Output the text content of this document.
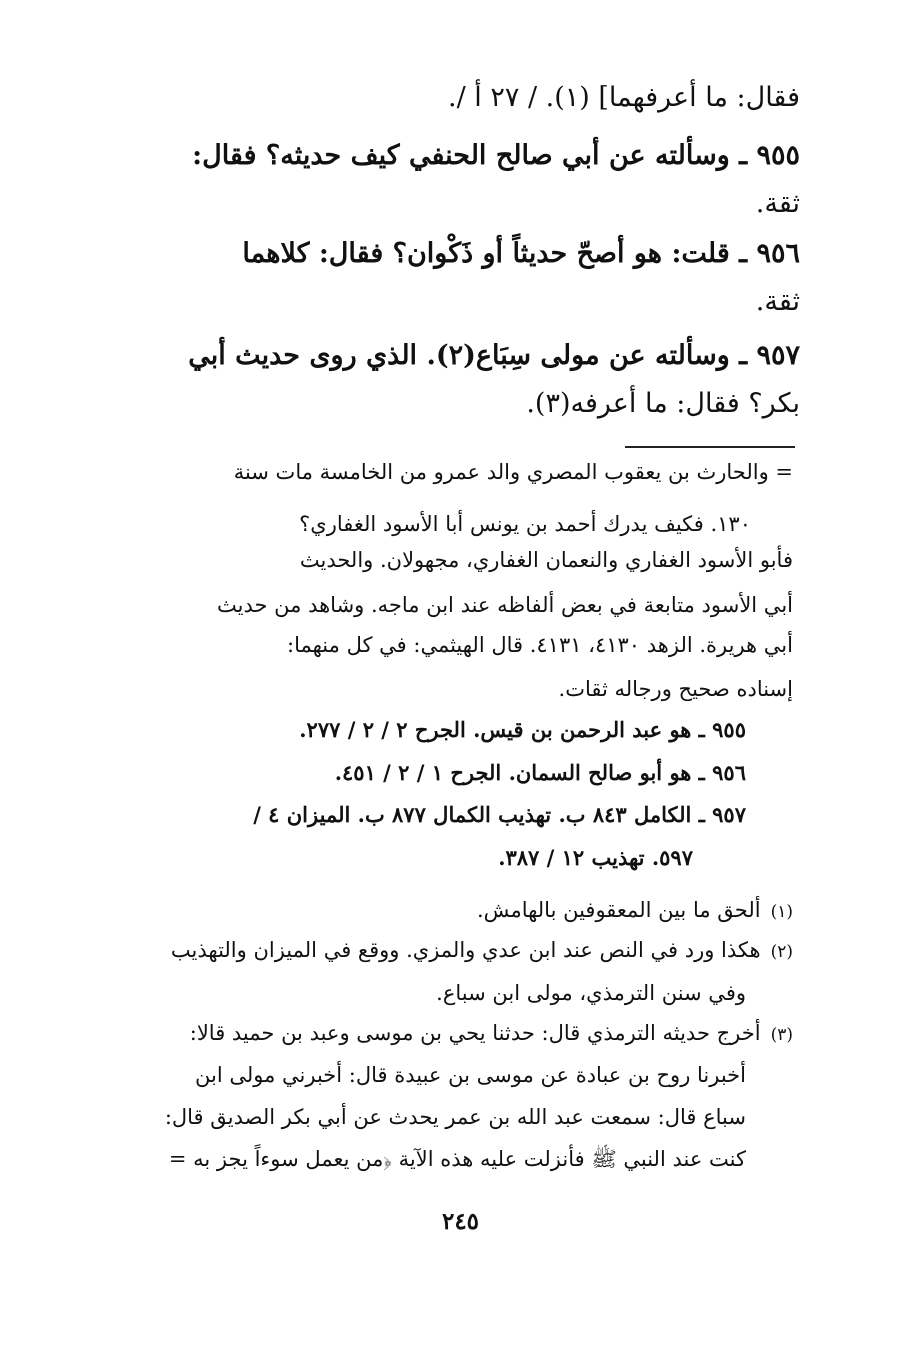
فقال: ما أعرفهما] (١). / ٢٧ أ /.
٩٥٥ ـ وسألته عن أبي صالح الحنفي كيف حديثه؟ فقال:
ثقة.
٩٥٦ ـ قلت: هو أصحّ حديثاً أو ذَكْوان؟ فقال: كلاهما
ثقة.
٩٥٧ ـ وسألته عن مولى سِبَاع(٢). الذي روى حديث أبي
بكر؟ فقال: ما أعرفه(٣).
= والحارث بن يعقوب المصري والد عمرو من الخامسة مات سنة
١٣٠. فكيف يدرك أحمد بن يونس أبا الأسود الغفاري؟
فأبو الأسود الغفاري والنعمان الغفاري، مجهولان. والحديث
أبي الأسود متابعة في بعض ألفاظه عند ابن ماجه. وشاهد من حديث
أبي هريرة. الزهد ٤١٣٠، ٤١٣١. قال الهيثمي: في كل منهما:
إسناده صحيح ورجاله ثقات.
٩٥٥ ـ هو عبد الرحمن بن قيس. الجرح ٢ / ٢ / ٢٧٧.
٩٥٦ ـ هو أبو صالح السمان. الجرح ١ / ٢ / ٤٥١.
٩٥٧ ـ الكامل ٨٤٣ ب. تهذيب الكمال ٨٧٧ ب. الميزان ٤ /
٥٩٧. تهذيب ١٢ / ٣٨٧.
(١)ألحق ما بين المعقوفين بالهامش.
(٢)هكذا ورد في النص عند ابن عدي والمزي. ووقع في الميزان والتهذيب
وفي سنن الترمذي، مولى ابن سباع.
(٣)أخرج حديثه الترمذي قال: حدثنا يحي بن موسى وعبد بن حميد قالا:
أخبرنا روح بن عبادة عن موسى بن عبيدة قال: أخبرني مولى ابن
سباع قال: سمعت عبد الله بن عمر يحدث عن أبي بكر الصديق قال:
كنت عند النبي ﷺ فأنزلت عليه هذه الآية ﴿من يعمل سوءاً يجز به =
٢٤٥
